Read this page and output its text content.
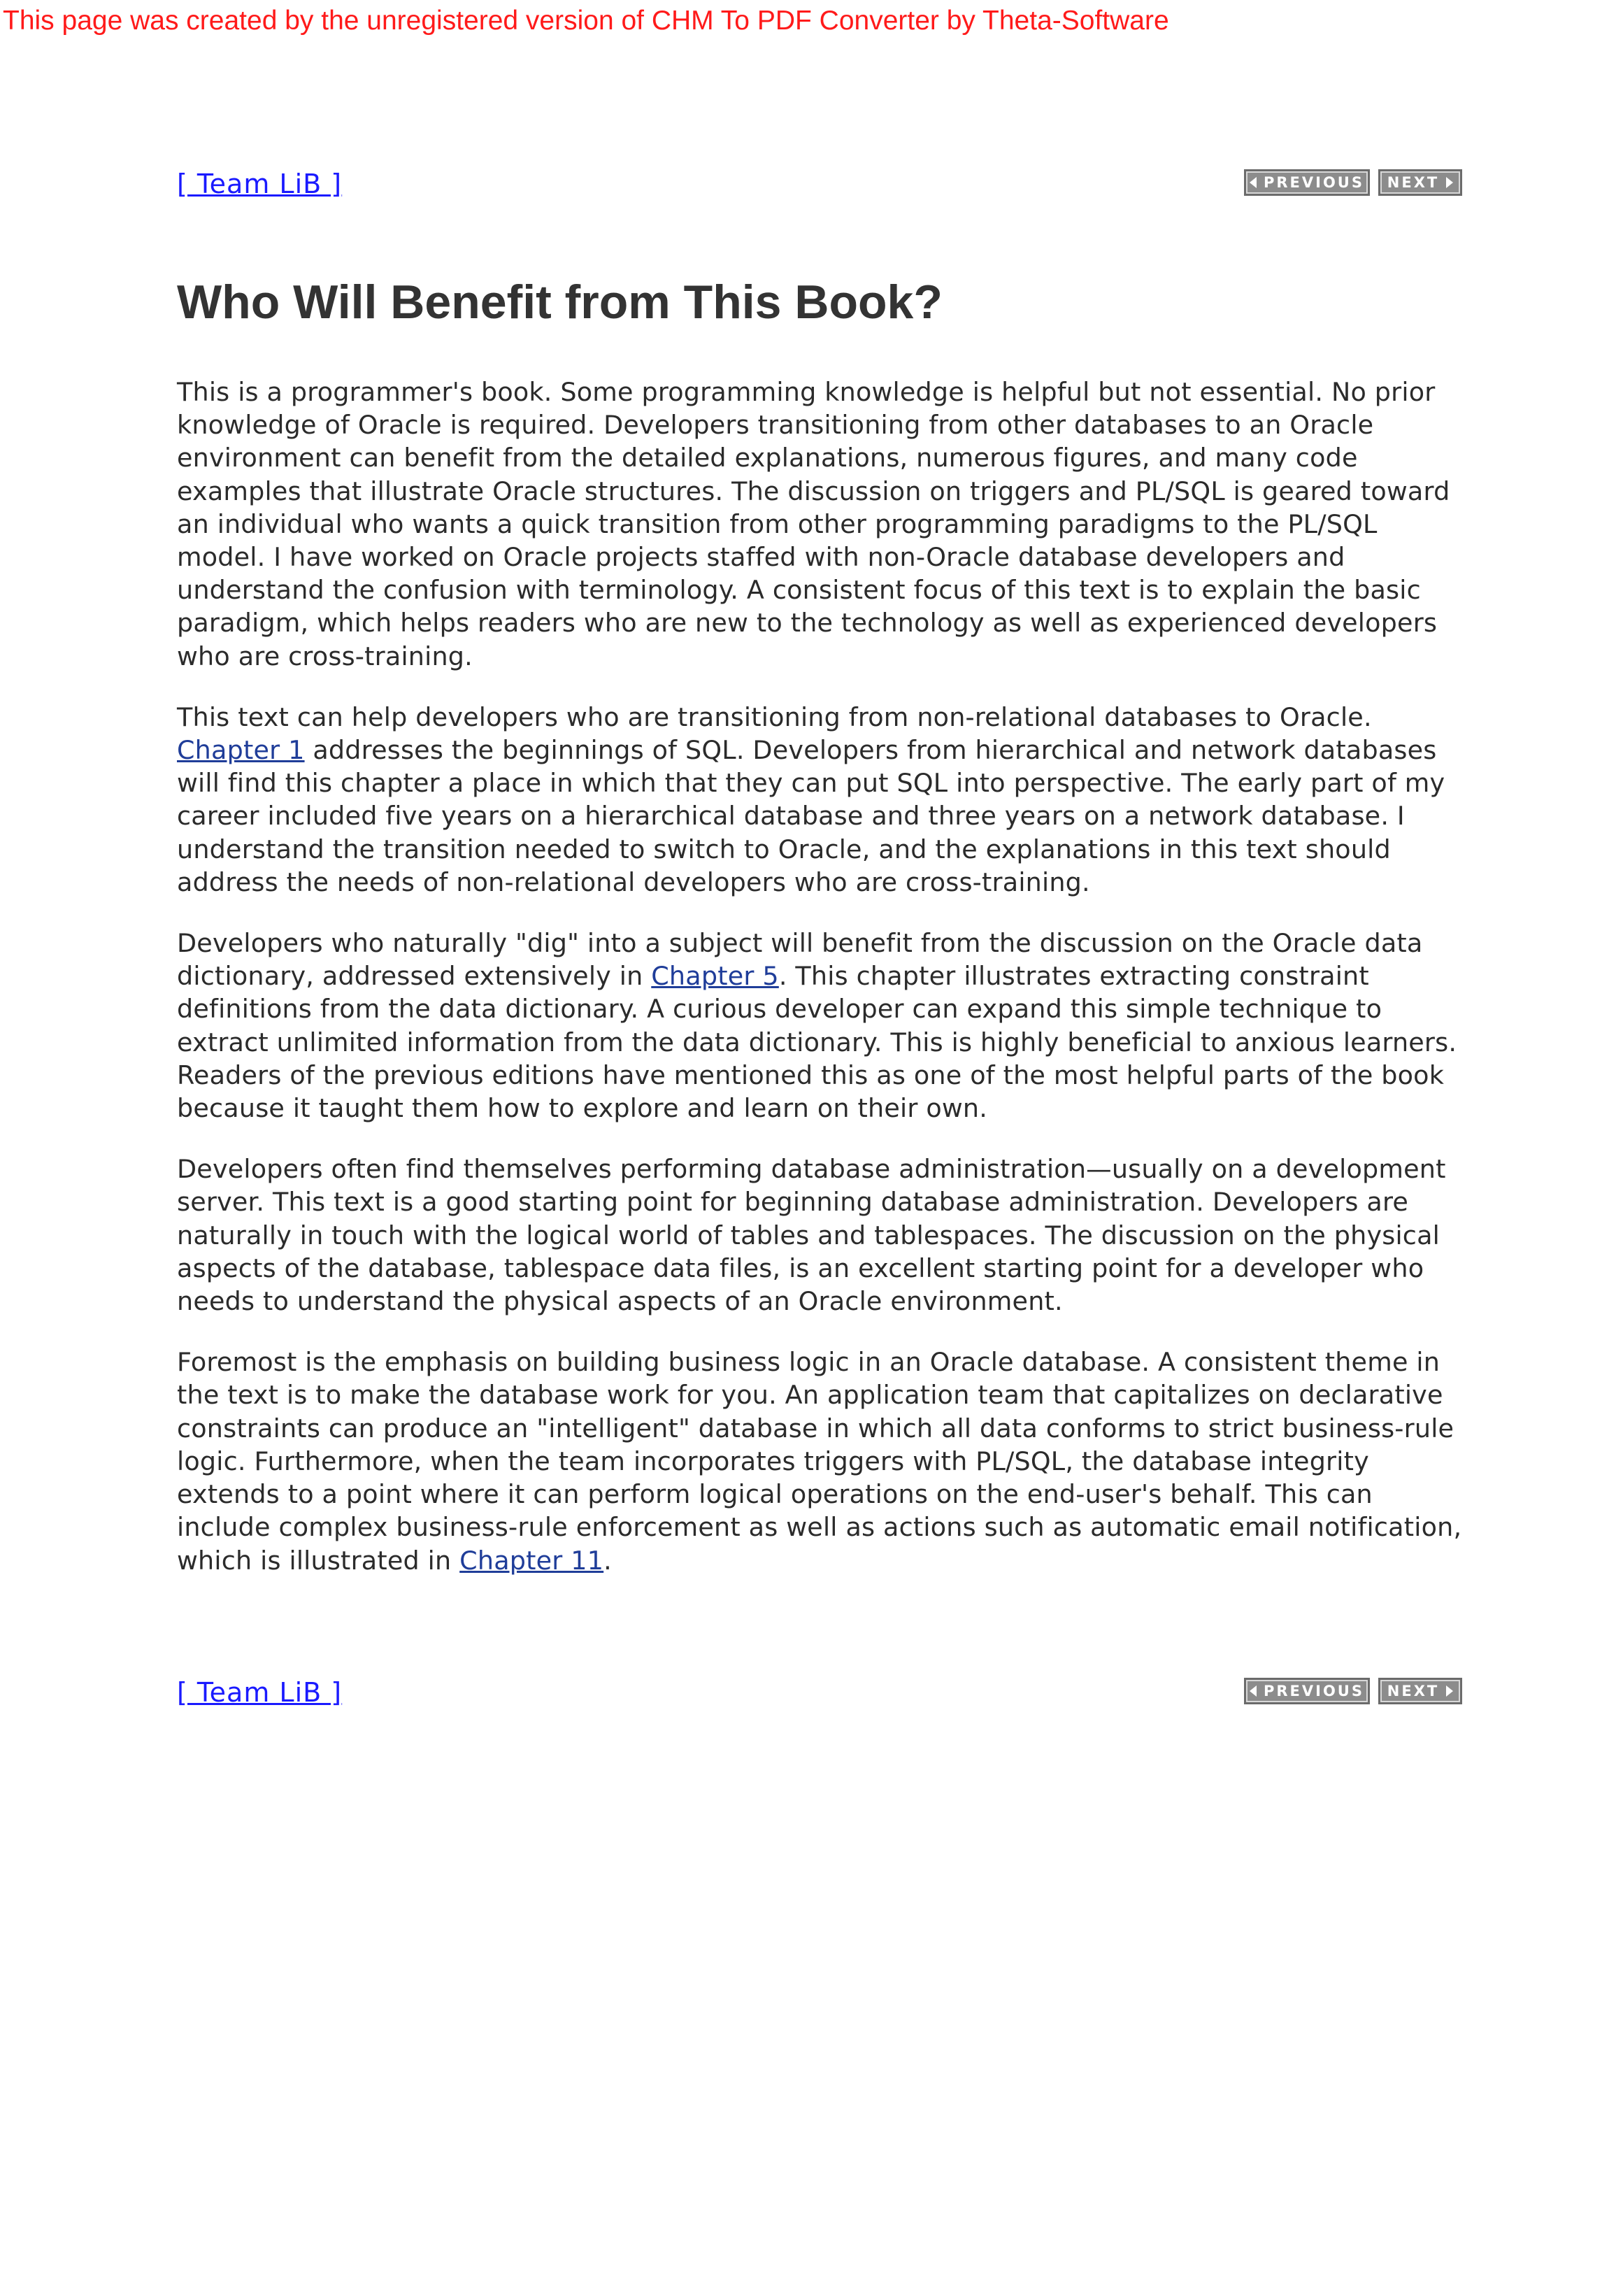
This page was created by the unregistered version of CHM To PDF Converter by Theta-Software
[ Team LiB ]	PREVIOUS NEXT
Who Will Benefit from This Book?

This is a programmer's book. Some programming knowledge is helpful but not essential. No prior knowledge of Oracle is required. Developers transitioning from other databases to an Oracle environment can benefit from the detailed explanations, numerous figures, and many code examples that illustrate Oracle structures. The discussion on triggers and PL/SQL is geared toward an individual who wants a quick transition from other programming paradigms to the PL/SQL model. I have worked on Oracle projects staffed with non-Oracle database developers and understand the confusion with terminology. A consistent focus of this text is to explain the basic paradigm, which helps readers who are new to the technology as well as experienced developers who are cross-training.

This text can help developers who are transitioning from non-relational databases to Oracle. Chapter 1 addresses the beginnings of SQL. Developers from hierarchical and network databases will find this chapter a place in which that they can put SQL into perspective. The early part of my career included five years on a hierarchical database and three years on a network database. I understand the transition needed to switch to Oracle, and the explanations in this text should address the needs of non-relational developers who are cross-training.

Developers who naturally "dig" into a subject will benefit from the discussion on the Oracle data dictionary, addressed extensively in Chapter 5. This chapter illustrates extracting constraint definitions from the data dictionary. A curious developer can expand this simple technique to extract unlimited information from the data dictionary. This is highly beneficial to anxious learners. Readers of the previous editions have mentioned this as one of the most helpful parts of the book because it taught them how to explore and learn on their own.

Developers often find themselves performing database administration—usually on a development server. This text is a good starting point for beginning database administration. Developers are naturally in touch with the logical world of tables and tablespaces. The discussion on the physical aspects of the database, tablespace data files, is an excellent starting point for a developer who needs to understand the physical aspects of an Oracle environment.

Foremost is the emphasis on building business logic in an Oracle database. A consistent theme in the text is to make the database work for you. An application team that capitalizes on declarative constraints can produce an "intelligent" database in which all data conforms to strict business-rule logic. Furthermore, when the team incorporates triggers with PL/SQL, the database integrity extends to a point where it can perform logical operations on the end-user's behalf. This can include complex business-rule enforcement as well as actions such as automatic email notification, which is illustrated in Chapter 11.

[ Team LiB ]	PREVIOUS NEXT
